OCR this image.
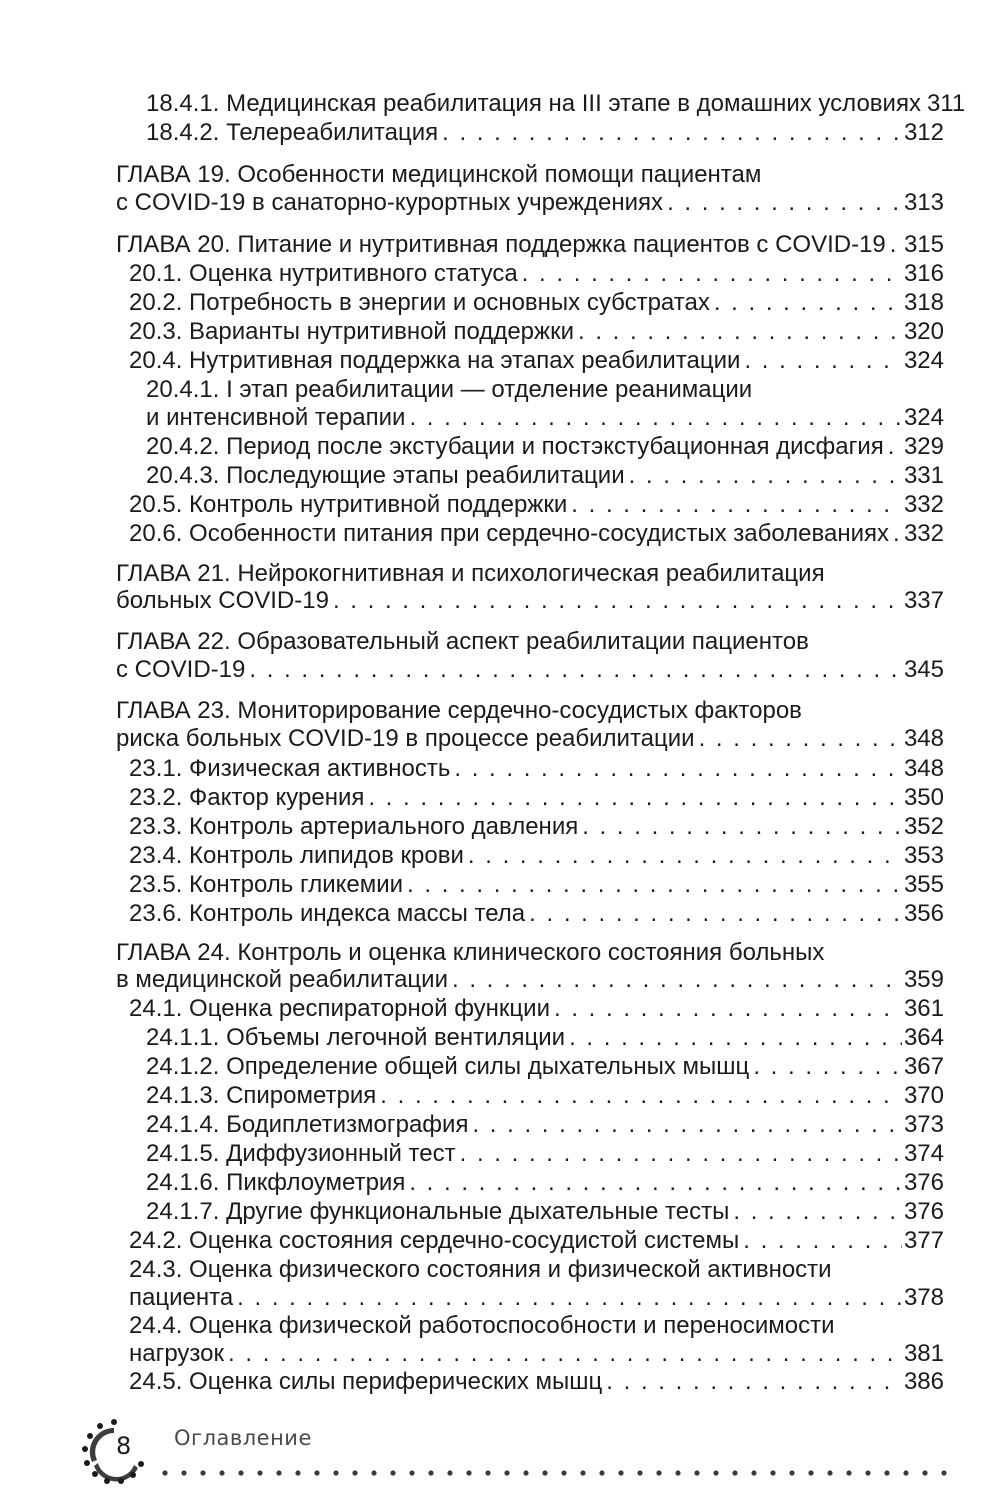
18.4.1. Медицинская реабилитация на III этапе в домашних условиях . . . 311
18.4.2. Телереабилитация . . .	312
ГЛАВА 19. Особенности медицинской помощи пациентам
с COVID-19 в санаторно-курортных учреждениях . . .	313
ГЛАВА 20. Питание и нутритивная поддержка пациентов с COVID-19 . . . 315
20.1. Оценка нутритивного статуса . . .	316
20.2. Потребность в энергии и основных субстратах . . .	318
20.3. Варианты нутритивной поддержки . . .	320
20.4. Нутритивная поддержка на этапах реабилитации . . .	324
20.4.1. I этап реабилитации — отделение реанимации
и интенсивной терапии . . .	324
20.4.2. Период после экстубации и постэкстубационная дисфагия . . . 329
20.4.3. Последующие этапы реабилитации . . .	331
20.5. Контроль нутритивной поддержки . . .	332
20.6. Особенности питания при сердечно-сосудистых заболеваниях . . . 332
ГЛАВА 21. Нейрокогнитивная и психологическая реабилитация
больных COVID-19 . . .	337
ГЛАВА 22. Образовательный аспект реабилитации пациентов
с COVID-19 . . .	345
ГЛАВА 23. Мониторирование сердечно-сосудистых факторов
риска больных COVID-19 в процессе реабилитации . . .	348
23.1. Физическая активность . . .	348
23.2. Фактор курения . . .	350
23.3. Контроль артериального давления . . .	352
23.4. Контроль липидов крови . . .	353
23.5. Контроль гликемии . . .	355
23.6. Контроль индекса массы тела . . .	356
ГЛАВА 24. Контроль и оценка клинического состояния больных
в медицинской реабилитации . . .	359
24.1. Оценка респираторной функции . . .	361
24.1.1. Объемы легочной вентиляции . . .	364
24.1.2. Определение общей силы дыхательных мышц . . .	367
24.1.3. Спирометрия . . .	370
24.1.4. Бодиплетизмография . . .	373
24.1.5. Диффузионный тест . . .	374
24.1.6. Пикфлоуметрия . . .	376
24.1.7. Другие функциональные дыхательные тесты . . .	376
24.2. Оценка состояния сердечно-сосудистой системы . . .	377
24.3. Оценка физического состояния и физической активности
пациента . . .	378
24.4. Оценка физической работоспособности и переносимости
нагрузок . . .	381
24.5. Оценка силы периферических мышц . . .	386
8 Оглавление
